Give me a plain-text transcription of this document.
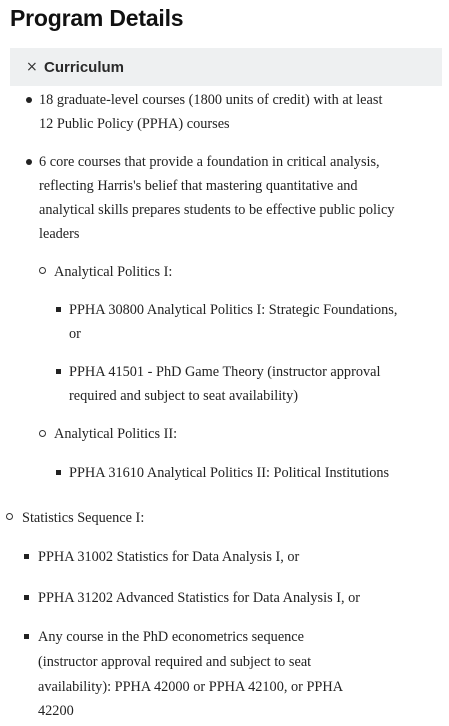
Program Details
× Curriculum
18 graduate-level courses (1800 units of credit) with at least
12 Public Policy (PPHA) courses
6 core courses that provide a foundation in critical analysis,
reflecting Harris's belief that mastering quantitative and
analytical skills prepares students to be effective public policy
leaders
Analytical Politics I:
PPHA 30800 Analytical Politics I: Strategic Foundations,
or
PPHA 41501 - PhD Game Theory (instructor approval
required and subject to seat availability)
Analytical Politics II:
PPHA 31610 Analytical Politics II: Political Institutions
Statistics Sequence I:
PPHA 31002 Statistics for Data Analysis I, or
PPHA 31202 Advanced Statistics for Data Analysis I, or
Any course in the PhD econometrics sequence
(instructor approval required and subject to seat
availability): PPHA 42000 or PPHA 42100, or PPHA
42200
